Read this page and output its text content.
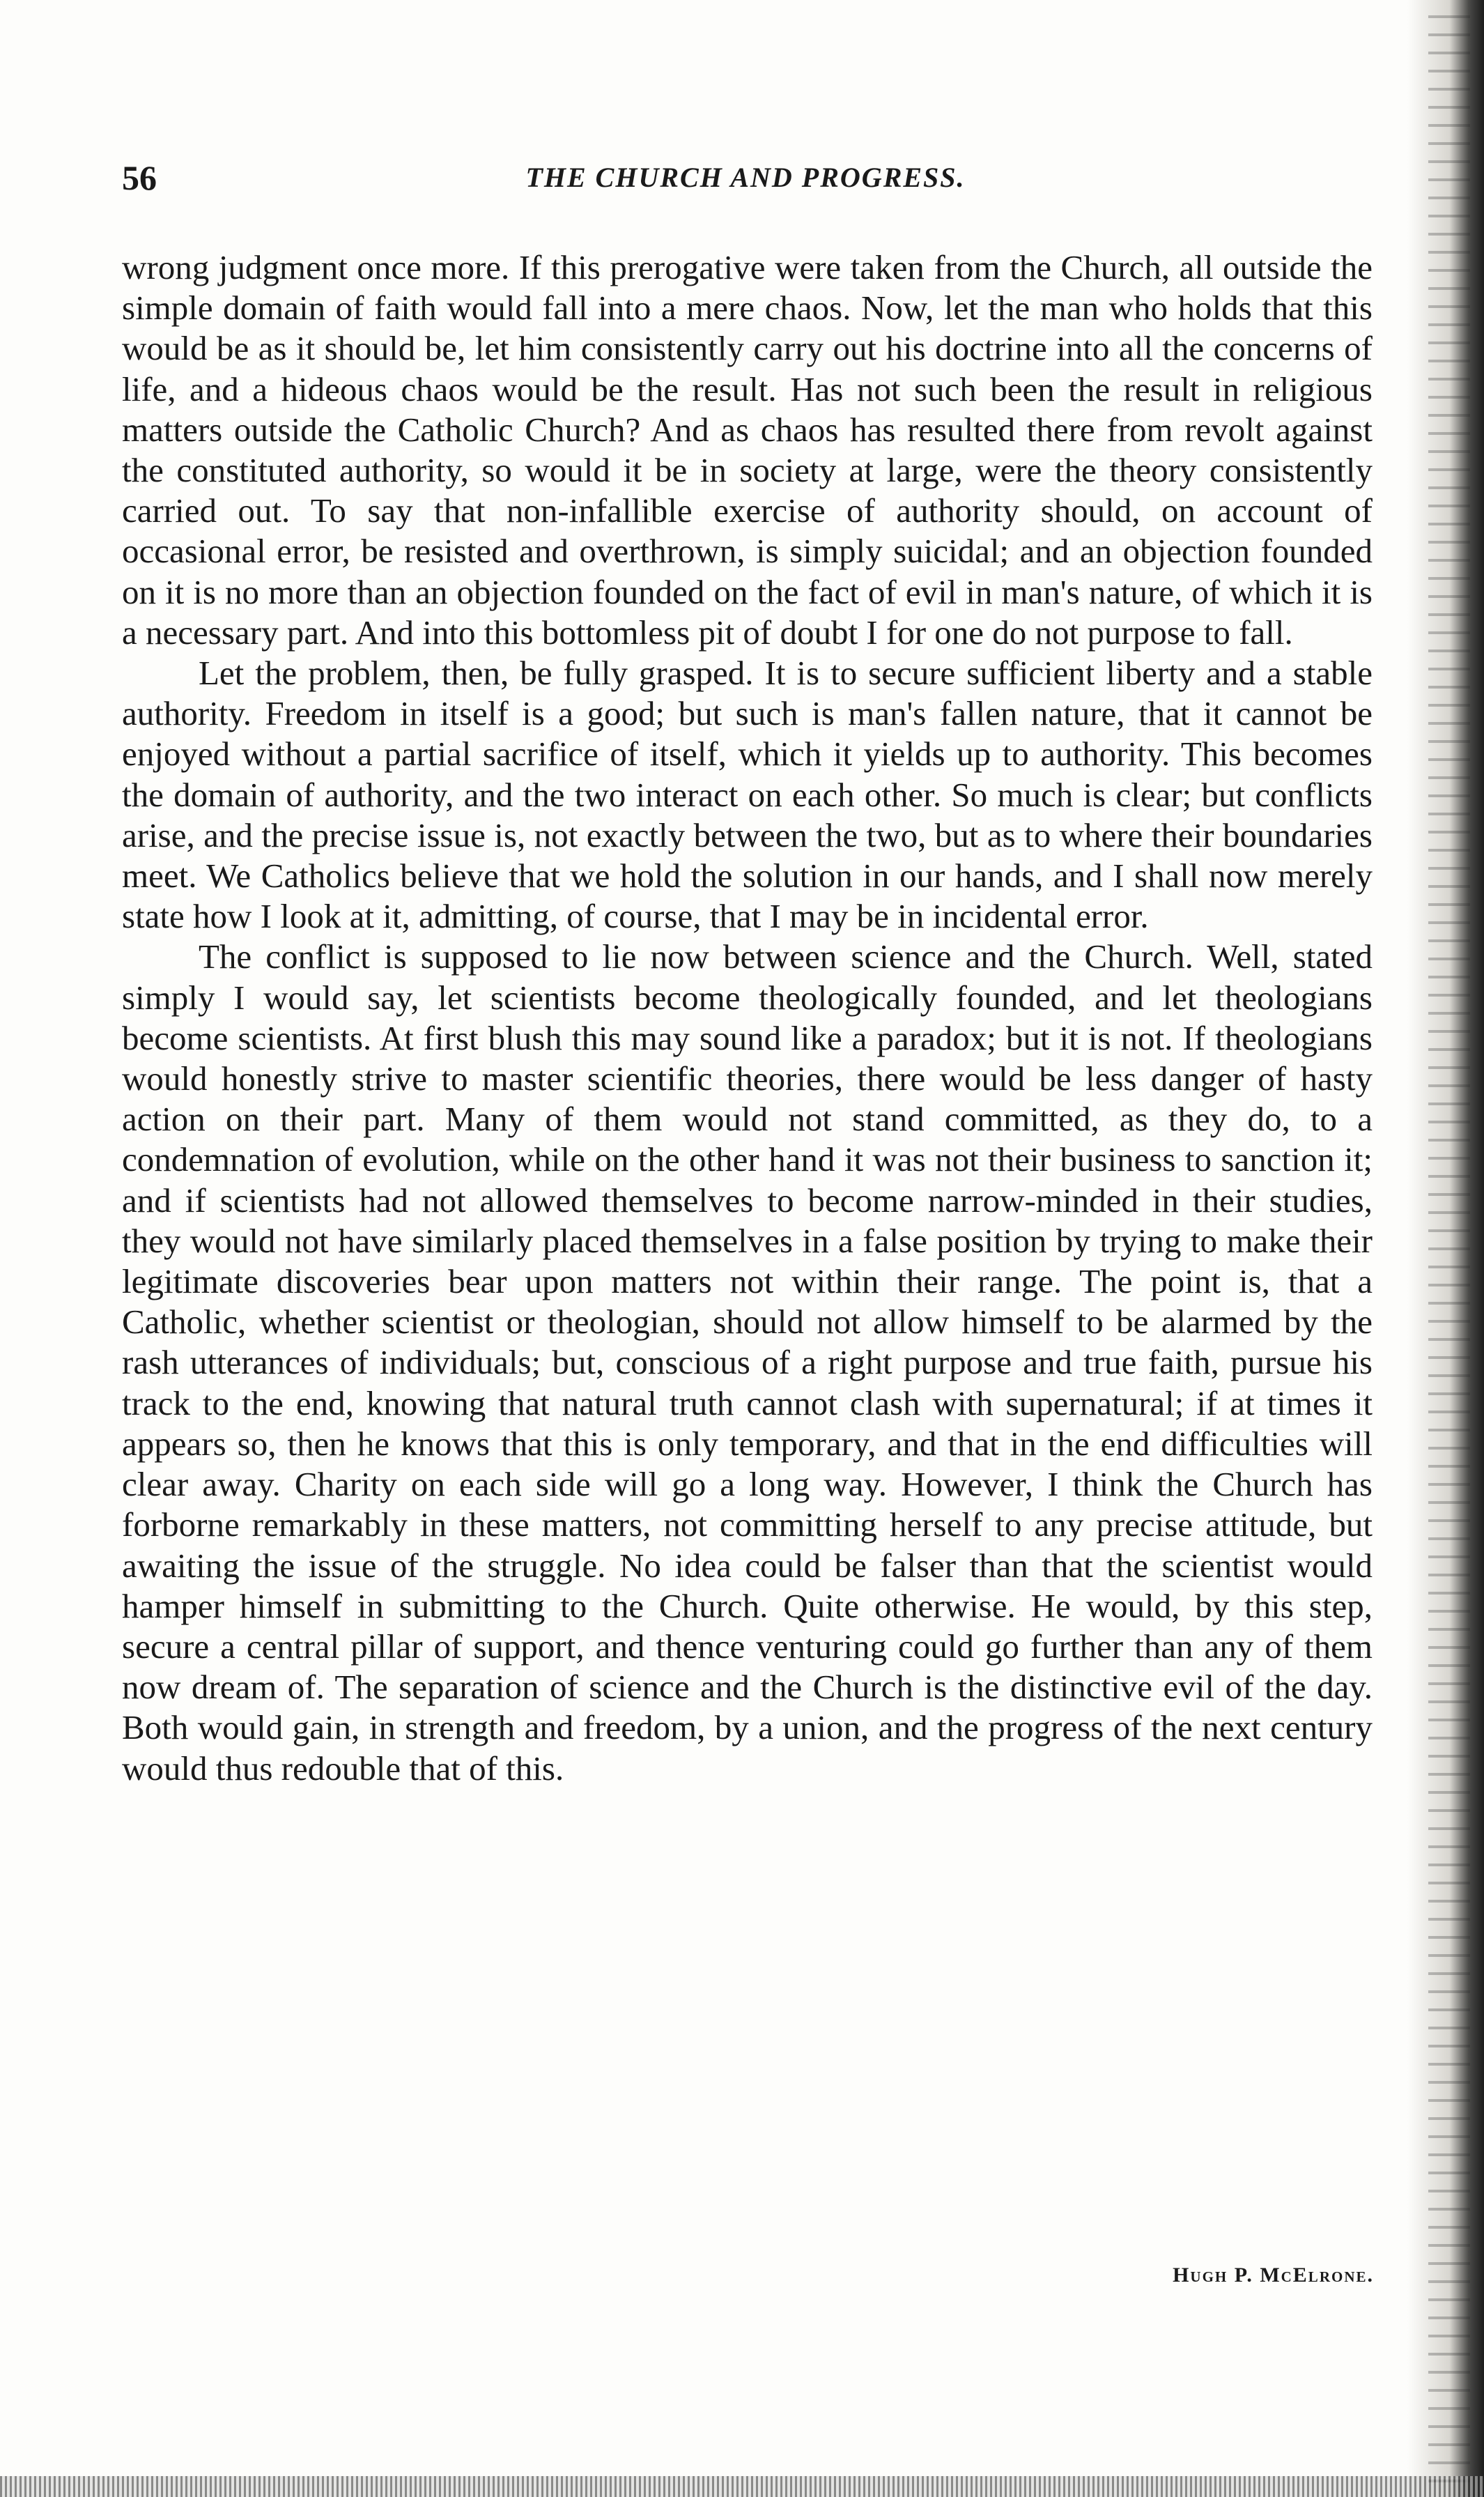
56	THE CHURCH AND PROGRESS.

wrong judgment once more. If this prerogative were taken from the Church, all outside the simple domain of faith would fall into a mere chaos. Now, let the man who holds that this would be as it should be, let him consistently carry out his doctrine into all the concerns of life, and a hideous chaos would be the result. Has not such been the result in religious matters outside the Catholic Church? And as chaos has resulted there from revolt against the constituted authority, so would it be in society at large, were the theory consistently carried out. To say that non-infallible exercise of authority should, on account of occasional error, be resisted and overthrown, is simply suicidal; and an objection founded on it is no more than an objection founded on the fact of evil in man's nature, of which it is a necessary part. And into this bottomless pit of doubt I for one do not purpose to fall.

Let the problem, then, be fully grasped. It is to secure sufficient liberty and a stable authority. Freedom in itself is a good; but such is man's fallen nature, that it cannot be enjoyed without a partial sacrifice of itself, which it yields up to authority. This becomes the domain of authority, and the two interact on each other. So much is clear; but conflicts arise, and the precise issue is, not exactly between the two, but as to where their boundaries meet. We Catholics believe that we hold the solution in our hands, and I shall now merely state how I look at it, admitting, of course, that I may be in incidental error.

The conflict is supposed to lie now between science and the Church. Well, stated simply I would say, let scientists become theologically founded, and let theologians become scientists. At first blush this may sound like a paradox; but it is not. If theologians would honestly strive to master scientific theories, there would be less danger of hasty action on their part. Many of them would not stand committed, as they do, to a condemnation of evolution, while on the other hand it was not their business to sanction it; and if scientists had not allowed themselves to become narrow-minded in their studies, they would not have similarly placed themselves in a false position by trying to make their legitimate discoveries bear upon matters not within their range. The point is, that a Catholic, whether scientist or theologian, should not allow himself to be alarmed by the rash utterances of individuals; but, conscious of a right purpose and true faith, pursue his track to the end, knowing that natural truth cannot clash with supernatural; if at times it appears so, then he knows that this is only temporary, and that in the end difficulties will clear away. Charity on each side will go a long way. However, I think the Church has forborne remarkably in these matters, not committing herself to any precise attitude, but awaiting the issue of the struggle. No idea could be falser than that the scientist would hamper himself in submitting to the Church. Quite otherwise. He would, by this step, secure a central pillar of support, and thence venturing could go further than any of them now dream of. The separation of science and the Church is the distinctive evil of the day. Both would gain, in strength and freedom, by a union, and the progress of the next century would thus redouble that of this.

Hugh P. McElrone.
